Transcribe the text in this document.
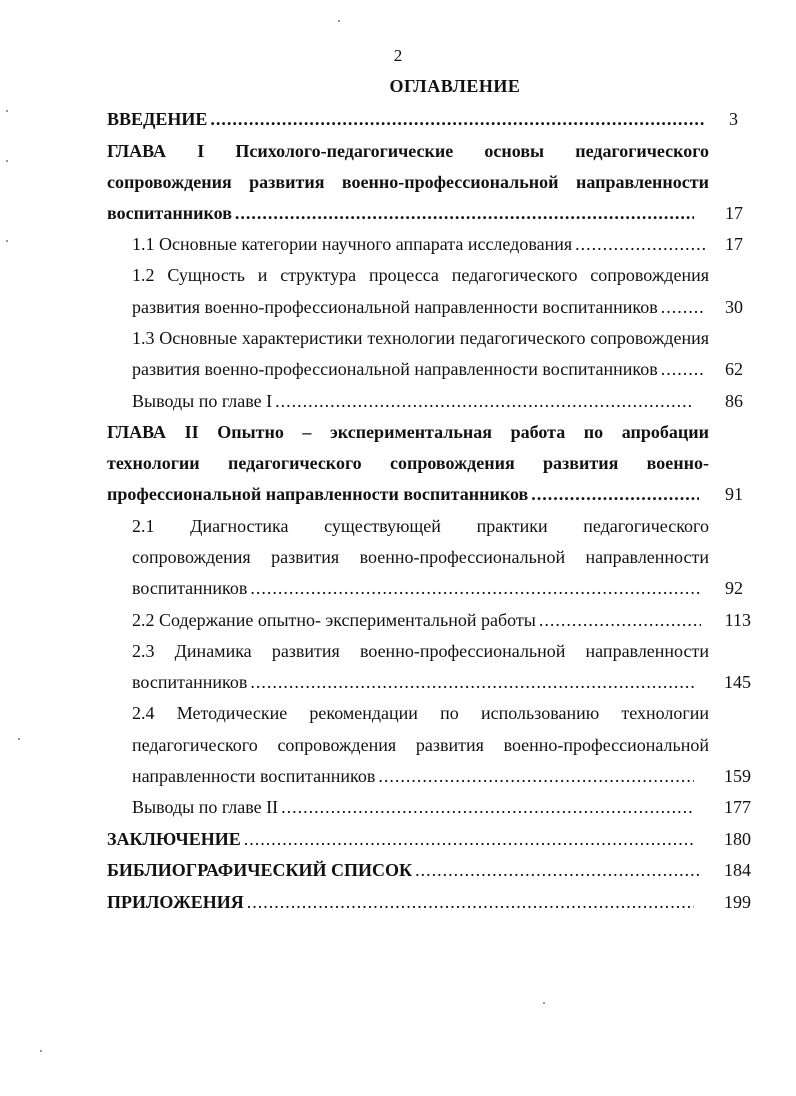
2
ОГЛАВЛЕНИЕ
ВВЕДЕНИЕ .....	3
ГЛАВА I Психолого-педагогические основы педагогического
сопровождения развития военно-профессиональной направленности
воспитанников .....	17
1.1 Основные категории научного аппарата исследования .....	17
1.2 Сущность и структура процесса педагогического сопровождения
развития военно-профессиональной направленности воспитанников .....	30
1.3 Основные характеристики технологии педагогического сопровождения
развития военно-профессиональной направленности воспитанников .....	62
Выводы по главе I .....	86
ГЛАВА II Опытно – экспериментальная работа по апробации
технологии педагогического сопровождения развития военно-
профессиональной направленности воспитанников .....	91
2.1 Диагностика существующей практики педагогического
сопровождения развития военно-профессиональной направленности
воспитанников .....	92
2.2 Содержание опытно- экспериментальной работы .....	113
2.3 Динамика развития военно-профессиональной направленности
воспитанников .....	145
2.4 Методические рекомендации по использованию технологии
педагогического сопровождения развития военно-профессиональной
направленности воспитанников .....	159
Выводы по главе II .....	177
ЗАКЛЮЧЕНИЕ .....	180
БИБЛИОГРАФИЧЕСКИЙ СПИСОК .....	184
ПРИЛОЖЕНИЯ .....	199
